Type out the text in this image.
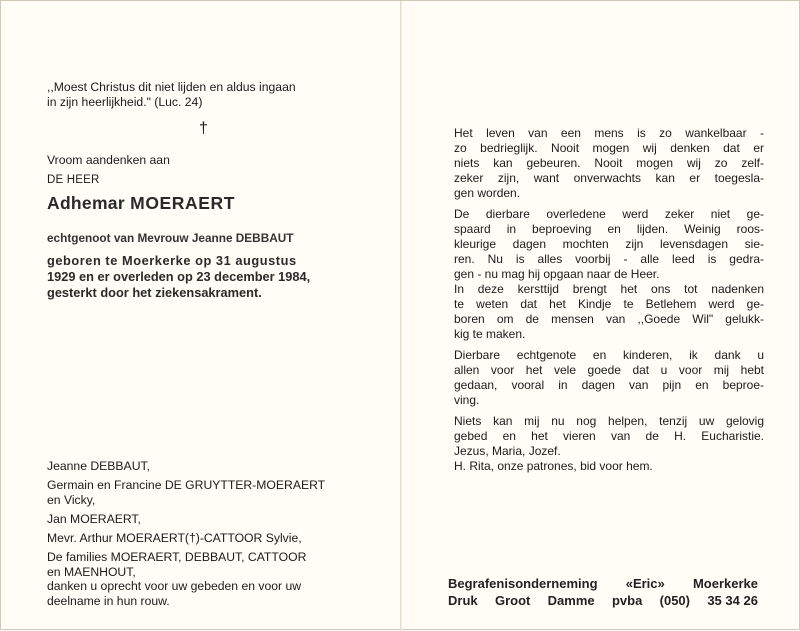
,,Moest Christus dit niet lijden en aldus ingaan
in zijn heerlijkheid." (Luc. 24)
†
Vroom aandenken aan
DE HEER
Adhemar MOERAERT
echtgenoot van Mevrouw Jeanne DEBBAUT
geboren te Moerkerke op 31 augustus
1929 en er overleden op 23 december 1984,
gesterkt door het ziekensakrament.
Jeanne DEBBAUT,
Germain en Francine DE GRUYTTER-MOERAERT
en Vicky,
Jan MOERAERT,
Mevr. Arthur MOERAERT(†)-CATTOOR Sylvie,
De families MOERAERT, DEBBAUT, CATTOOR
en MAENHOUT,
danken u oprecht voor uw gebeden en voor uw
deelname in hun rouw.
Het leven van een mens is zo wankelbaar -
zo bedrieglijk. Nooit mogen wij denken dat er
niets kan gebeuren. Nooit mogen wij zo zelf-
zeker zijn, want onverwachts kan er toegesla-
gen worden.
De dierbare overledene werd zeker niet ge-
spaard in beproeving en lijden. Weinig roos-
kleurige dagen mochten zijn levensdagen sie-
ren. Nu is alles voorbij - alle leed is gedra-
gen - nu mag hij opgaan naar de Heer.
In deze kersttijd brengt het ons tot nadenken
te weten dat het Kindje te Betlehem werd ge-
boren om de mensen van ,,Goede Wil" gelukk-
kig te maken.
Dierbare echtgenote en kinderen, ik dank u
allen voor het vele goede dat u voor mij hebt
gedaan, vooral in dagen van pijn en beproe-
ving.
Niets kan mij nu nog helpen, tenzij uw gelovig
gebed en het vieren van de H. Eucharistie.
Jezus, Maria, Jozef.
H. Rita, onze patrones, bid voor hem.
Begrafenisonderneming «Eric» Moerkerke
Druk Groot Damme pvba (050) 35 34 26
